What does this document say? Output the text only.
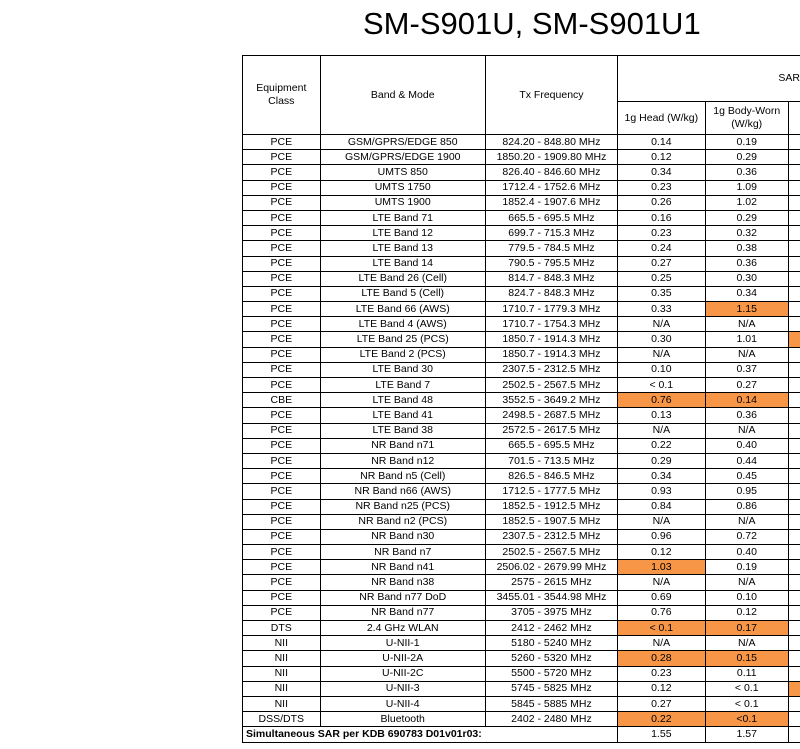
SM-S901U, SM-S901U1
Equipment Class	Band & Mode	Tx Frequency	SAR		
			1g Head (W/kg)	1g Body-Worn (W/kg)	
PCE	GSM/GPRS/EDGE 850	824.20 - 848.80 MHz	0.14	0.19	
PCE	GSM/GPRS/EDGE 1900	1850.20 - 1909.80 MHz	0.12	0.29	
PCE	UMTS 850	826.40 - 846.60 MHz	0.34	0.36	
PCE	UMTS 1750	1712.4 - 1752.6 MHz	0.23	1.09	
PCE	UMTS 1900	1852.4 - 1907.6 MHz	0.26	1.02	
PCE	LTE Band 71	665.5 - 695.5 MHz	0.16	0.29	
PCE	LTE Band 12	699.7 - 715.3 MHz	0.23	0.32	
PCE	LTE Band 13	779.5 - 784.5 MHz	0.24	0.38	
PCE	LTE Band 14	790.5 - 795.5 MHz	0.27	0.36	
PCE	LTE Band 26 (Cell)	814.7 - 848.3 MHz	0.25	0.30	
PCE	LTE Band 5 (Cell)	824.7 - 848.3 MHz	0.35	0.34	
PCE	LTE Band 66 (AWS)	1710.7 - 1779.3 MHz	0.33	1.15	
PCE	LTE Band 4 (AWS)	1710.7 - 1754.3 MHz	N/A	N/A	
PCE	LTE Band 25 (PCS)	1850.7 - 1914.3 MHz	0.30	1.01	
PCE	LTE Band 2 (PCS)	1850.7 - 1914.3 MHz	N/A	N/A	
PCE	LTE Band 30	2307.5 - 2312.5 MHz	0.10	0.37	
PCE	LTE Band 7	2502.5 - 2567.5 MHz	< 0.1	0.27	
CBE	LTE Band 48	3552.5 - 3649.2 MHz	0.76	0.14	
PCE	LTE Band 41	2498.5 - 2687.5 MHz	0.13	0.36	
PCE	LTE Band 38	2572.5 - 2617.5 MHz	N/A	N/A	
PCE	NR Band n71	665.5 - 695.5 MHz	0.22	0.40	
PCE	NR Band n12	701.5 - 713.5 MHz	0.29	0.44	
PCE	NR Band n5 (Cell)	826.5 - 846.5 MHz	0.34	0.45	
PCE	NR Band n66 (AWS)	1712.5 - 1777.5 MHz	0.93	0.95	
PCE	NR Band n25 (PCS)	1852.5 - 1912.5 MHz	0.84	0.86	
PCE	NR Band n2 (PCS)	1852.5 - 1907.5 MHz	N/A	N/A	
PCE	NR Band n30	2307.5 - 2312.5 MHz	0.96	0.72	
PCE	NR Band n7	2502.5 - 2567.5 MHz	0.12	0.40	
PCE	NR Band n41	2506.02 - 2679.99 MHz	1.03	0.19	
PCE	NR Band n38	2575 - 2615 MHz	N/A	N/A	
PCE	NR Band n77 DoD	3455.01 - 3544.98 MHz	0.69	0.10	
PCE	NR Band n77	3705 - 3975 MHz	0.76	0.12	
DTS	2.4 GHz WLAN	2412 - 2462 MHz	< 0.1	0.17	
NII	U-NII-1	5180 - 5240 MHz	N/A	N/A	
NII	U-NII-2A	5260 - 5320 MHz	0.28	0.15	
NII	U-NII-2C	5500 - 5720 MHz	0.23	0.11	
NII	U-NII-3	5745 - 5825 MHz	0.12	< 0.1	
NII	U-NII-4	5845 - 5885 MHz	0.27	< 0.1	
DSS/DTS	Bluetooth	2402 - 2480 MHz	0.22	<0.1	
Simultaneous SAR per KDB 690783 D01v01r03:			1.55	1.57	
